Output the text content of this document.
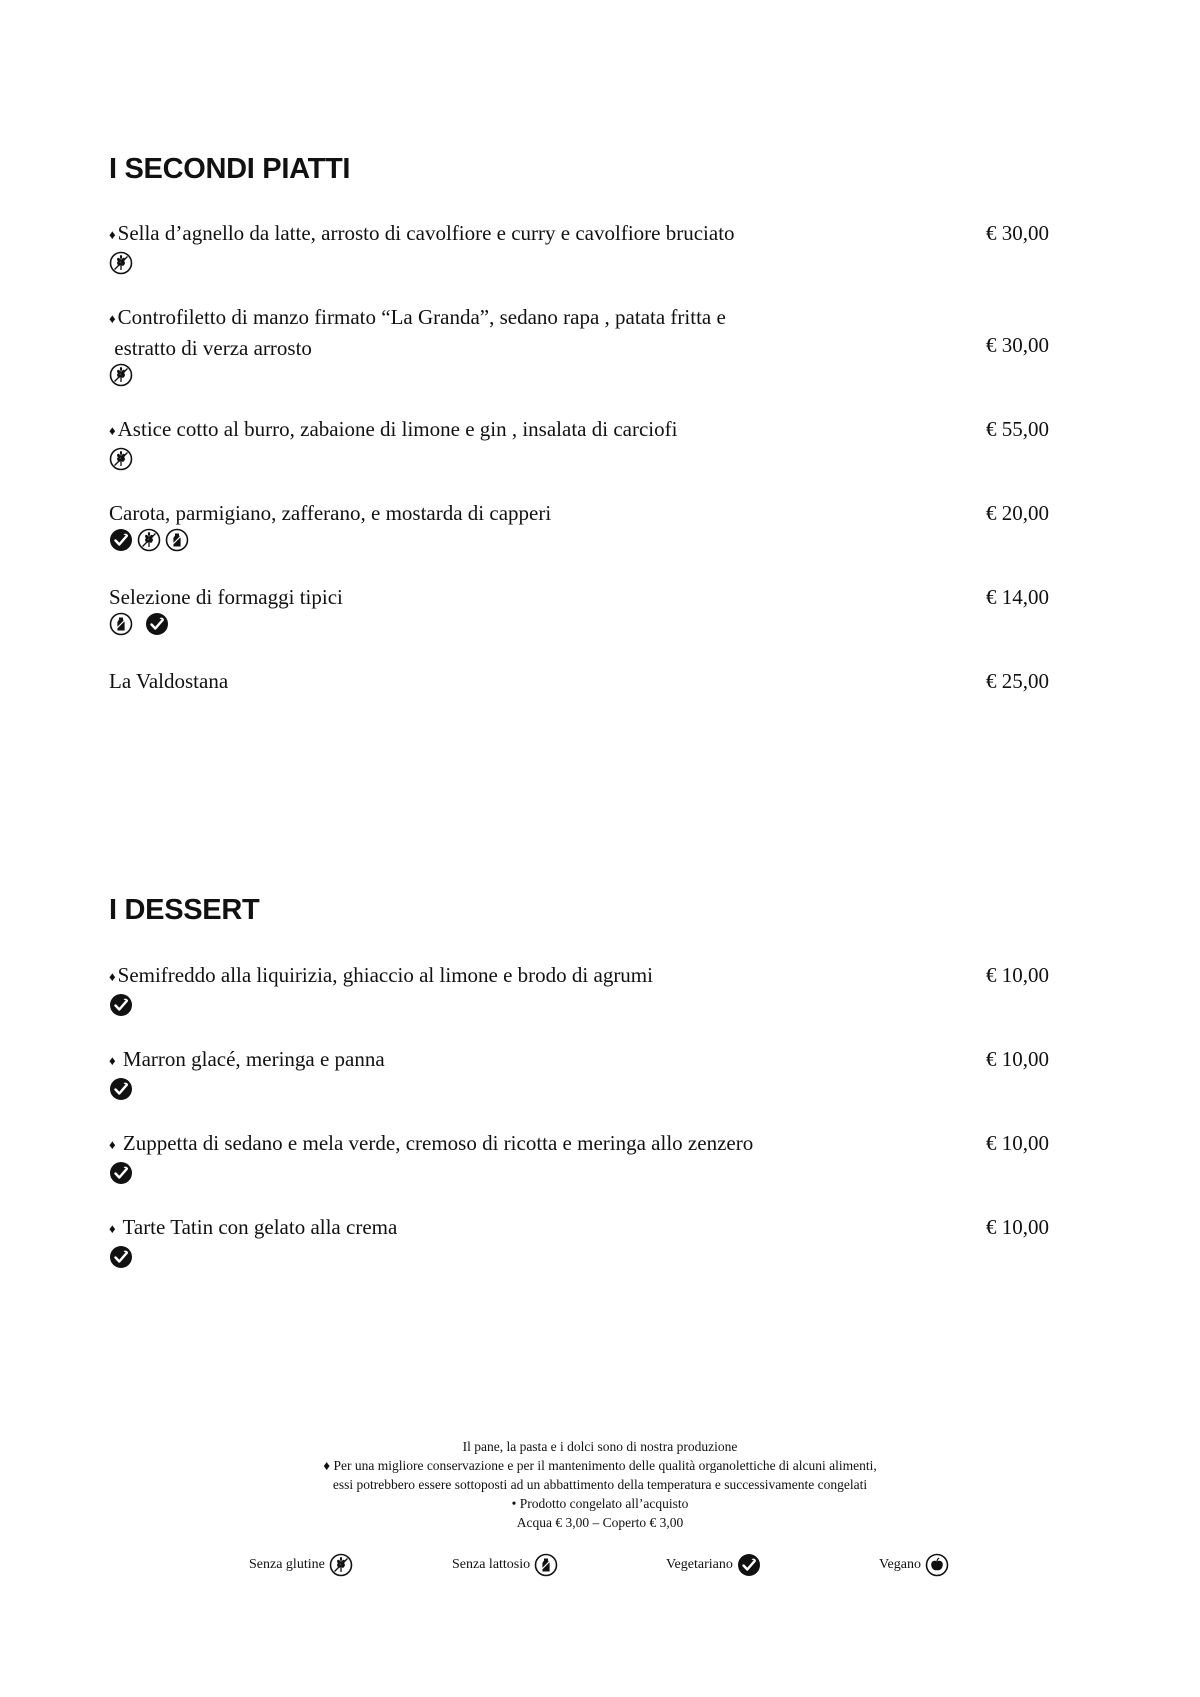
I SECONDI PIATTI
♦Sella d’agnello da latte, arrosto di cavolfiore e curry e cavolfiore bruciato	€ 30,00
♦Controfiletto di manzo firmato “La Granda”, sedano rapa , patata fritta e
estratto di verza arrosto	€ 30,00
♦Astice cotto al burro, zabaione di limone e gin , insalata di carciofi	€ 55,00
Carota, parmigiano, zafferano, e mostarda di capperi	€ 20,00
Selezione di formaggi tipici	€ 14,00
La Valdostana	€ 25,00
I DESSERT
♦Semifreddo alla liquirizia, ghiaccio al limone e brodo di agrumi	€ 10,00
♦ Marron glacé, meringa e panna	€ 10,00
♦ Zuppetta di sedano e mela verde, cremoso di ricotta e meringa allo zenzero	€ 10,00
♦ Tarte Tatin con gelato alla crema	€ 10,00
Il pane, la pasta e i dolci sono di nostra produzione
♦ Per una migliore conservazione e per il mantenimento delle qualità organolettiche di alcuni alimenti,
essi potrebbero essere sottoposti ad un abbattimento della temperatura e successivamente congelati
• Prodotto congelato all’acquisto
Acqua € 3,00 – Coperto € 3,00
Senza glutine	Senza lattosio	Vegetariano	Vegano
